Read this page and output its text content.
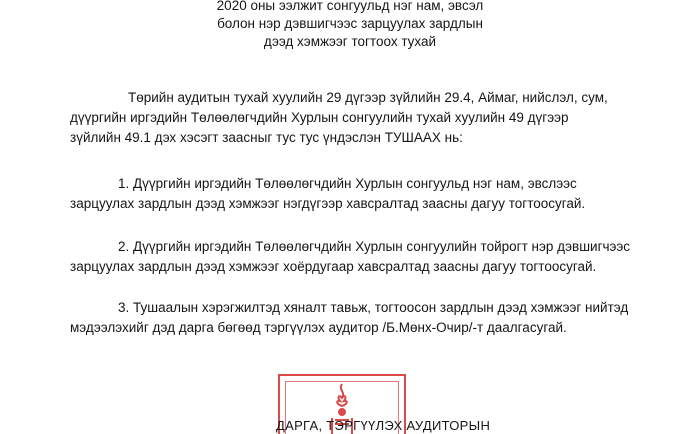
2020 оны ээлжит сонгуульд нэг нам, эвсэл
болон нэр дэвшигчээс зарцуулах зардлын
дээд хэмжээг тогтоох тухай
Төрийн аудитын тухай хуулийн 29 дүгээр зүйлийн 29.4, Аймаг, нийслэл, сум,
дүүргийн иргэдийн Төлөөлөгчдийн Хурлын сонгуулийн тухай хуулийн 49 дүгээр
зүйлийн 49.1 дэх хэсэгт заасныг тус тус үндэслэн ТУШААХ нь:
1. Дүүргийн иргэдийн Төлөөлөгчдийн Хурлын сонгуульд нэг нам, эвслээс
зарцуулах зардлын дээд хэмжээг нэгдүгээр хавсралтад заасны дагуу тогтоосугай.
2. Дүүргийн иргэдийн Төлөөлөгчдийн Хурлын сонгуулийн тойрогт нэр дэвшигчээс
зарцуулах зардлын дээд хэмжээг хоёрдугаар хавсралтад заасны дагуу тогтоосугай.
3. Тушаалын хэрэгжилтэд хяналт тавьж, тогтоосон зардлын дээд хэмжээг нийтэд
мэдээлэхийг дэд дарга бөгөөд тэргүүлэх аудитор /Б.Мөнх-Очир/-т даалгасугай.
ДАРГА, ТЭРГҮҮЛЭХ АУДИТОРЫН
